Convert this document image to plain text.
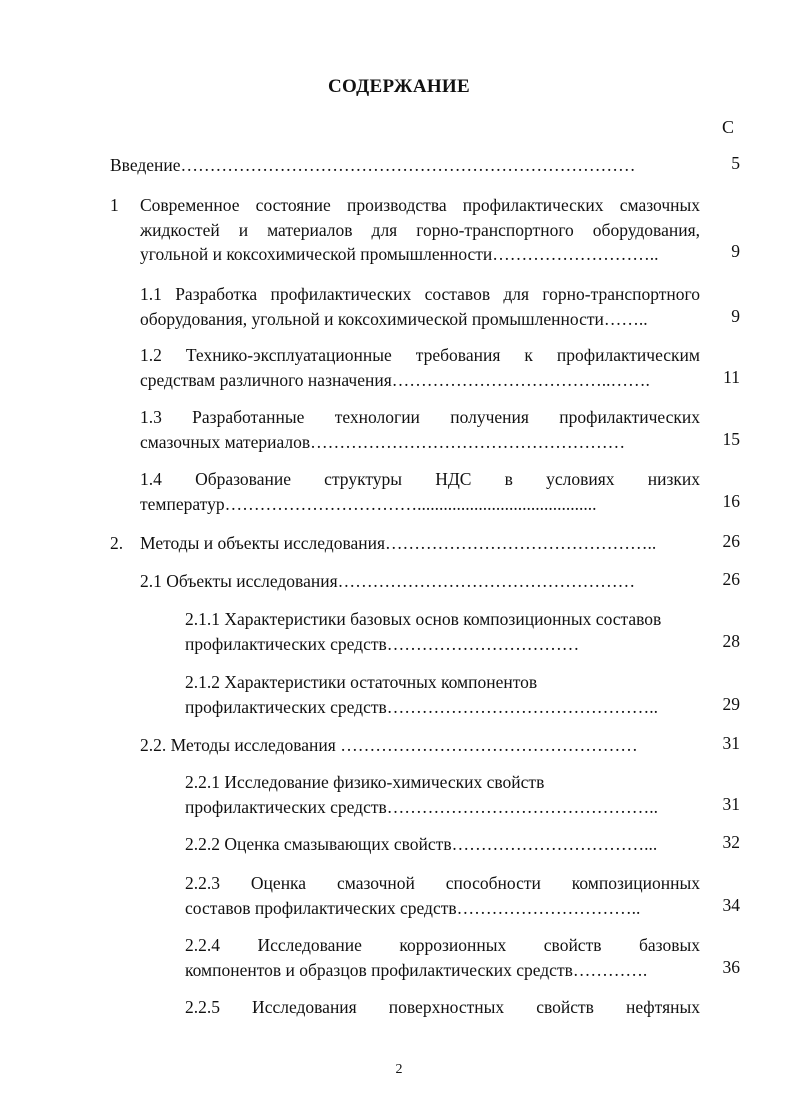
СОДЕРЖАНИЕ
С
Введение……………………………………………………………………	5
1 Современное состояние производства профилактических смазочных
жидкостей и материалов для горно-транспортного оборудования,
угольной и коксохимической промышленности………………………..	9
1.1 Разработка профилактических составов для горно-транспортного
оборудования, угольной и коксохимической промышленности……..	9
1.2 Технико-эксплуатационные требования к профилактическим
средствам различного назначения………………………………..…….	11
1.3 Разработанные технологии получения профилактических
смазочных материалов………………………………………………	15
1.4 Образование структуры НДС в условиях низких
температур…………………………….........................................	16
2. Методы и объекты исследования………………………………………..	26
2.1 Объекты исследования……………………………………………	26
2.1.1 Характеристики базовых основ композиционных составов
профилактических средств……………………………	28
2.1.2 Характеристики остаточных компонентов
профилактических средств………………………………………..	29
2.2. Методы исследования ……………………………………………	31
2.2.1 Исследование физико-химических свойств
профилактических средств………………………………………..	31
2.2.2 Оценка смазывающих свойств……………………………...	32
2.2.3 Оценка смазочной способности композиционных
составов профилактических средств…………………………..	34
2.2.4 Исследование коррозионных свойств базовых
компонентов и образцов профилактических средств………….	36
2.2.5 Исследования поверхностных свойств нефтяных
2
